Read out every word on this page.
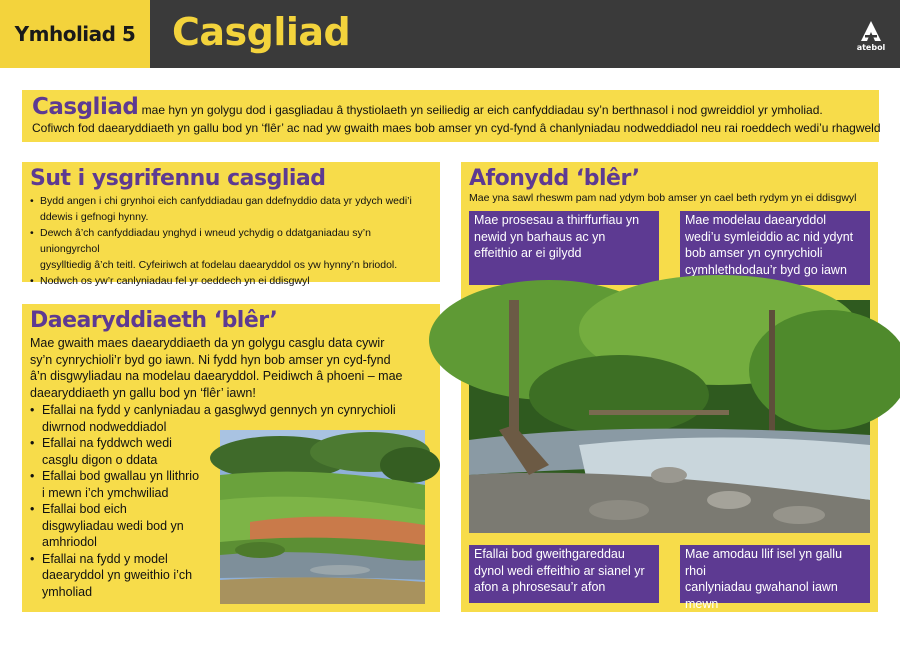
Ymholiad 5 Casgliad	atebol
Casgliad mae hyn yn golygu dod i gasgliadau â thystiolaeth yn seiliedig ar eich canfyddiadau sy’n berthnasol i nod gwreiddiol yr ymholiad.
Cofiwch fod daearyddiaeth yn gallu bod yn ‘flêr’ ac nad yw gwaith maes bob amser yn cyd-fynd â chanlyniadau nodweddiadol neu rai roeddech wedi’u rhagweld
Sut i ysgrifennu casgliad
• Bydd angen i chi grynhoi eich canfyddiadau gan ddefnyddio data yr ydych wedi’i
ddewis i gefnogi hynny.
• Dewch â’ch canfyddiadau ynghyd i wneud ychydig o ddatganiadau sy’n uniongyrchol
gysylltiedig â’ch teitl. Cyfeiriwch at fodelau daearyddol os yw hynny’n briodol.
• Nodwch os yw’r canlyniadau fel yr oeddech yn ei ddisgwyl
Daearyddiaeth ‘blêr’
Mae gwaith maes daearyddiaeth da yn golygu casglu data cywir
sy’n cynrychioli’r byd go iawn. Ni fydd hyn bob amser yn cyd-fynd
â’n disgwyliadau na modelau daearyddol. Peidiwch â phoeni – mae
daearyddiaeth yn gallu bod yn ‘flêr’ iawn!
• Efallai na fydd y canlyniadau a gasglwyd gennych yn cynrychioli
diwrnod nodweddiadol
• Efallai na fyddwch wedi
casglu digon o ddata
• Efallai bod gwallau yn llithrio
i mewn i’ch ymchwiliad
• Efallai bod eich
disgwyliadau wedi bod yn
amhriodol
• Efallai na fydd y model
daearyddol yn gweithio i’ch
ymholiad
Afonydd ‘blêr’
Mae yna sawl rheswm pam nad ydym bob amser yn cael beth rydym yn ei ddisgwyl
Mae prosesau a thirffurfiau yn
newid yn barhaus ac yn
effeithio ar ei gilydd
Mae modelau daearyddol
wedi’u symleiddio ac nid ydynt
bob amser yn cynrychioli
cymhlethdodau’r byd go iawn
Efallai bod gweithgareddau
dynol wedi effeithio ar sianel yr
afon a phrosesau’r afon
Mae amodau llif isel yn gallu rhoi
canlyniadau gwahanol iawn mewn
cymhariaeth ag amodau llif uchel
